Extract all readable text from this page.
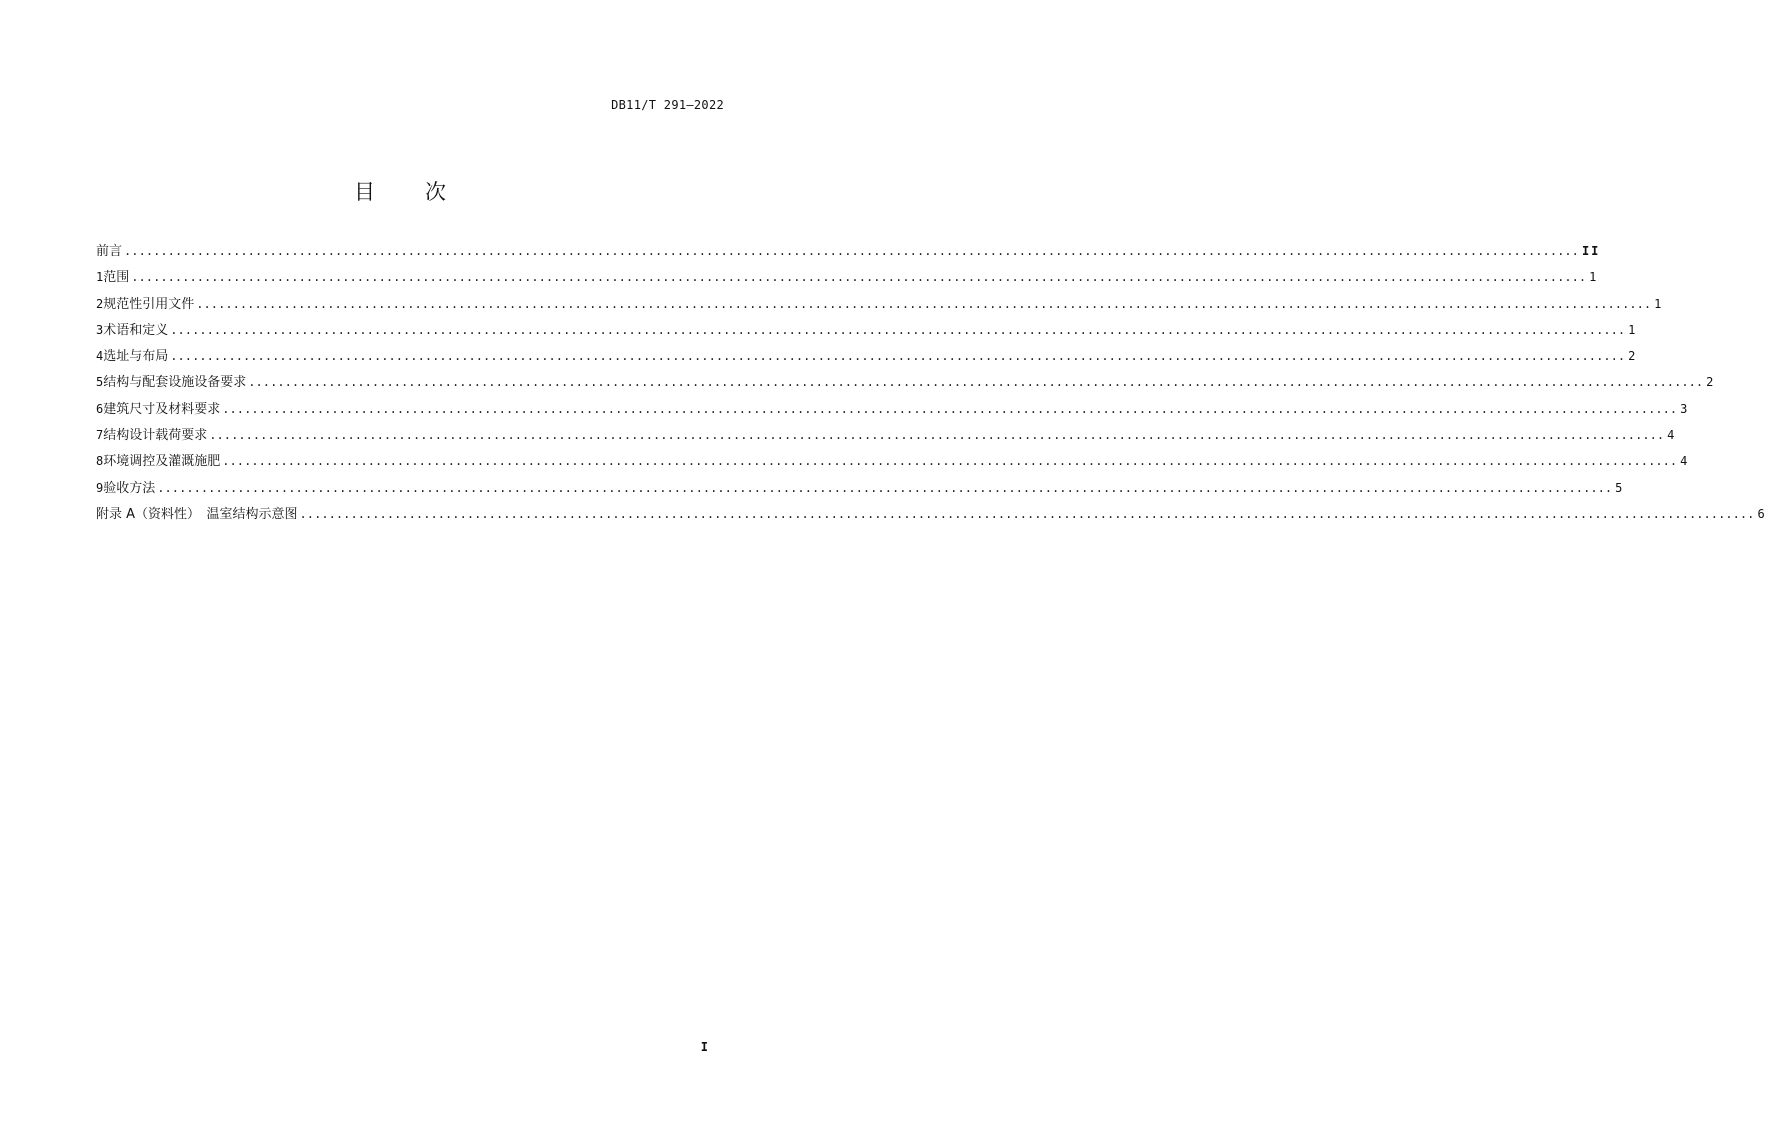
DB11/T 291—2022
目 次
前言 ........................................................................................................................................................................................................ II
1 范围 ........................................................................................................................................................................................................ 1
2 规范性引用文件 ........................................................................................................................................................................................................ 1
3 术语和定义 ........................................................................................................................................................................................................ 1
4 选址与布局 ........................................................................................................................................................................................................ 2
5 结构与配套设施设备要求 ........................................................................................................................................................................................................ 2
6 建筑尺寸及材料要求 ........................................................................................................................................................................................................ 3
7 结构设计载荷要求 ........................................................................................................................................................................................................ 4
8 环境调控及灌溉施肥 ........................................................................................................................................................................................................ 4
9 验收方法 ........................................................................................................................................................................................................ 5
附录 A（资料性）　温室结构示意图 ........................................................................................................................................................................................................ 6
I
